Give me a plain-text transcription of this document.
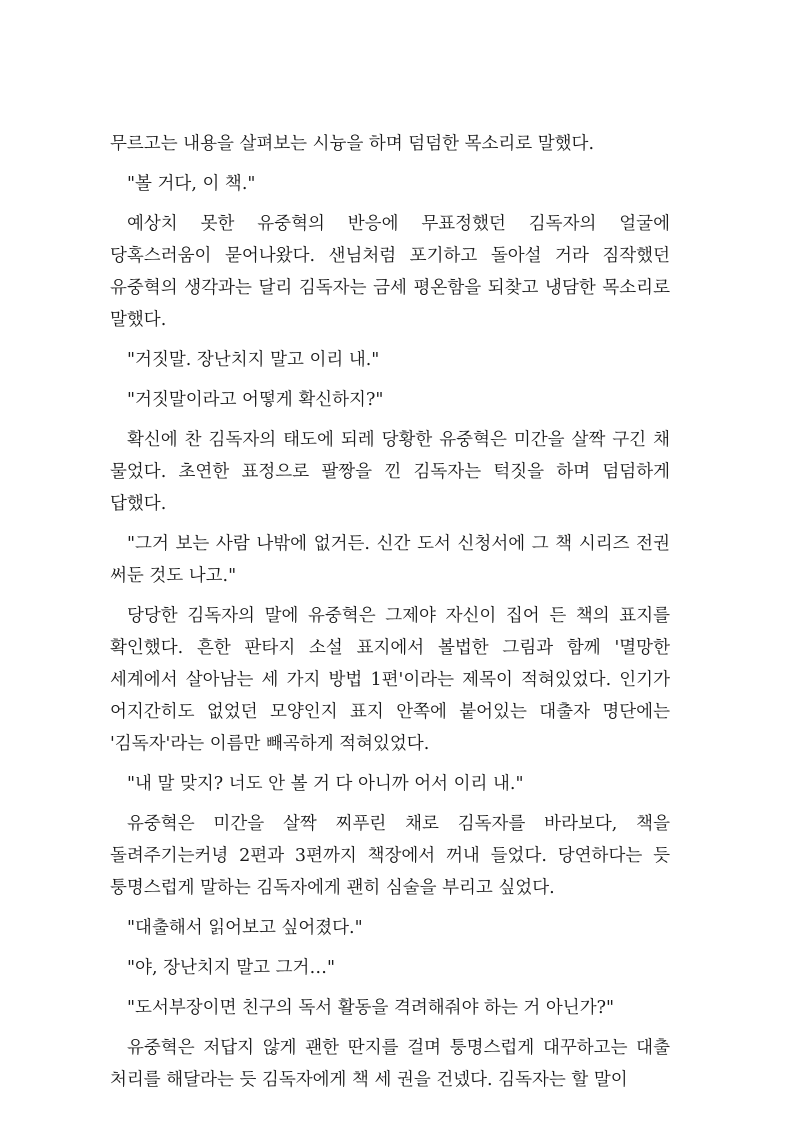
무르고는 내용을 살펴보는 시늉을 하며 덤덤한 목소리로 말했다.

"볼 거다, 이 책."

예상치 못한 유중혁의 반응에 무표정했던 김독자의 얼굴에 당혹스러움이 묻어나왔다. 샌님처럼 포기하고 돌아설 거라 짐작했던 유중혁의 생각과는 달리 김독자는 금세 평온함을 되찾고 냉담한 목소리로 말했다.

"거짓말. 장난치지 말고 이리 내."

"거짓말이라고 어떻게 확신하지?"

확신에 찬 김독자의 태도에 되레 당황한 유중혁은 미간을 살짝 구긴 채 물었다. 초연한 표정으로 팔짱을 낀 김독자는 턱짓을 하며 덤덤하게 답했다.

"그거 보는 사람 나밖에 없거든. 신간 도서 신청서에 그 책 시리즈 전권 써둔 것도 나고."

당당한 김독자의 말에 유중혁은 그제야 자신이 집어 든 책의 표지를 확인했다. 흔한 판타지 소설 표지에서 볼법한 그림과 함께 '멸망한 세계에서 살아남는 세 가지 방법 1편'이라는 제목이 적혀있었다. 인기가 어지간히도 없었던 모양인지 표지 안쪽에 붙어있는 대출자 명단에는 '김독자'라는 이름만 빼곡하게 적혀있었다.

"내 말 맞지? 너도 안 볼 거 다 아니까 어서 이리 내."

유중혁은 미간을 살짝 찌푸린 채로 김독자를 바라보다, 책을 돌려주기는커녕 2편과 3편까지 책장에서 꺼내 들었다. 당연하다는 듯 퉁명스럽게 말하는 김독자에게 괜히 심술을 부리고 싶었다.

"대출해서 읽어보고 싶어졌다."

"야, 장난치지 말고 그거…"

"도서부장이면 친구의 독서 활동을 격려해줘야 하는 거 아닌가?"

유중혁은 저답지 않게 괜한 딴지를 걸며 퉁명스럽게 대꾸하고는 대출 처리를 해달라는 듯 김독자에게 책 세 권을 건넸다. 김독자는 할 말이
